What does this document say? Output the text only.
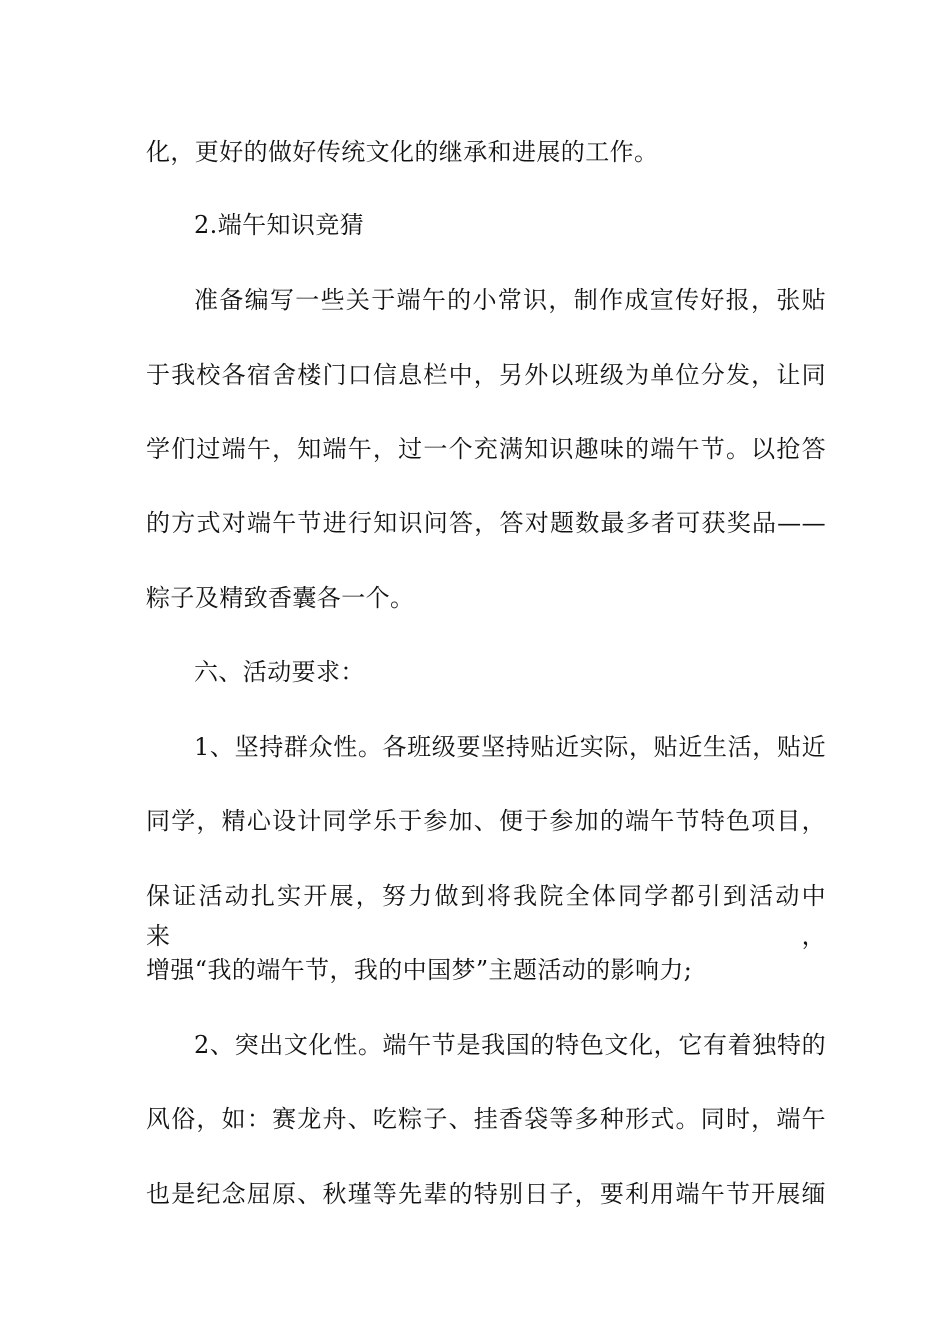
化，更好的做好传统文化的继承和进展的工作。
2.端午知识竞猜
准备编写一些关于端午的小常识，制作成宣传好报，张贴
于我校各宿舍楼门口信息栏中，另外以班级为单位分发，让同
学们过端午，知端午，过一个充满知识趣味的端午节。以抢答
的方式对端午节进行知识问答，答对题数最多者可获奖品——
粽子及精致香囊各一个。
六、活动要求：
1、坚持群众性。各班级要坚持贴近实际，贴近生活，贴近
同学，精心设计同学乐于参加、便于参加的端午节特色项目，
保证活动扎实开展，努力做到将我院全体同学都引到活动中来，
增强“我的端午节，我的中国梦”主题活动的影响力;
2、突出文化性。端午节是我国的特色文化，它有着独特的
风俗，如：赛龙舟、吃粽子、挂香袋等多种形式。同时，端午
也是纪念屈原、秋瑾等先辈的特别日子，要利用端午节开展缅
